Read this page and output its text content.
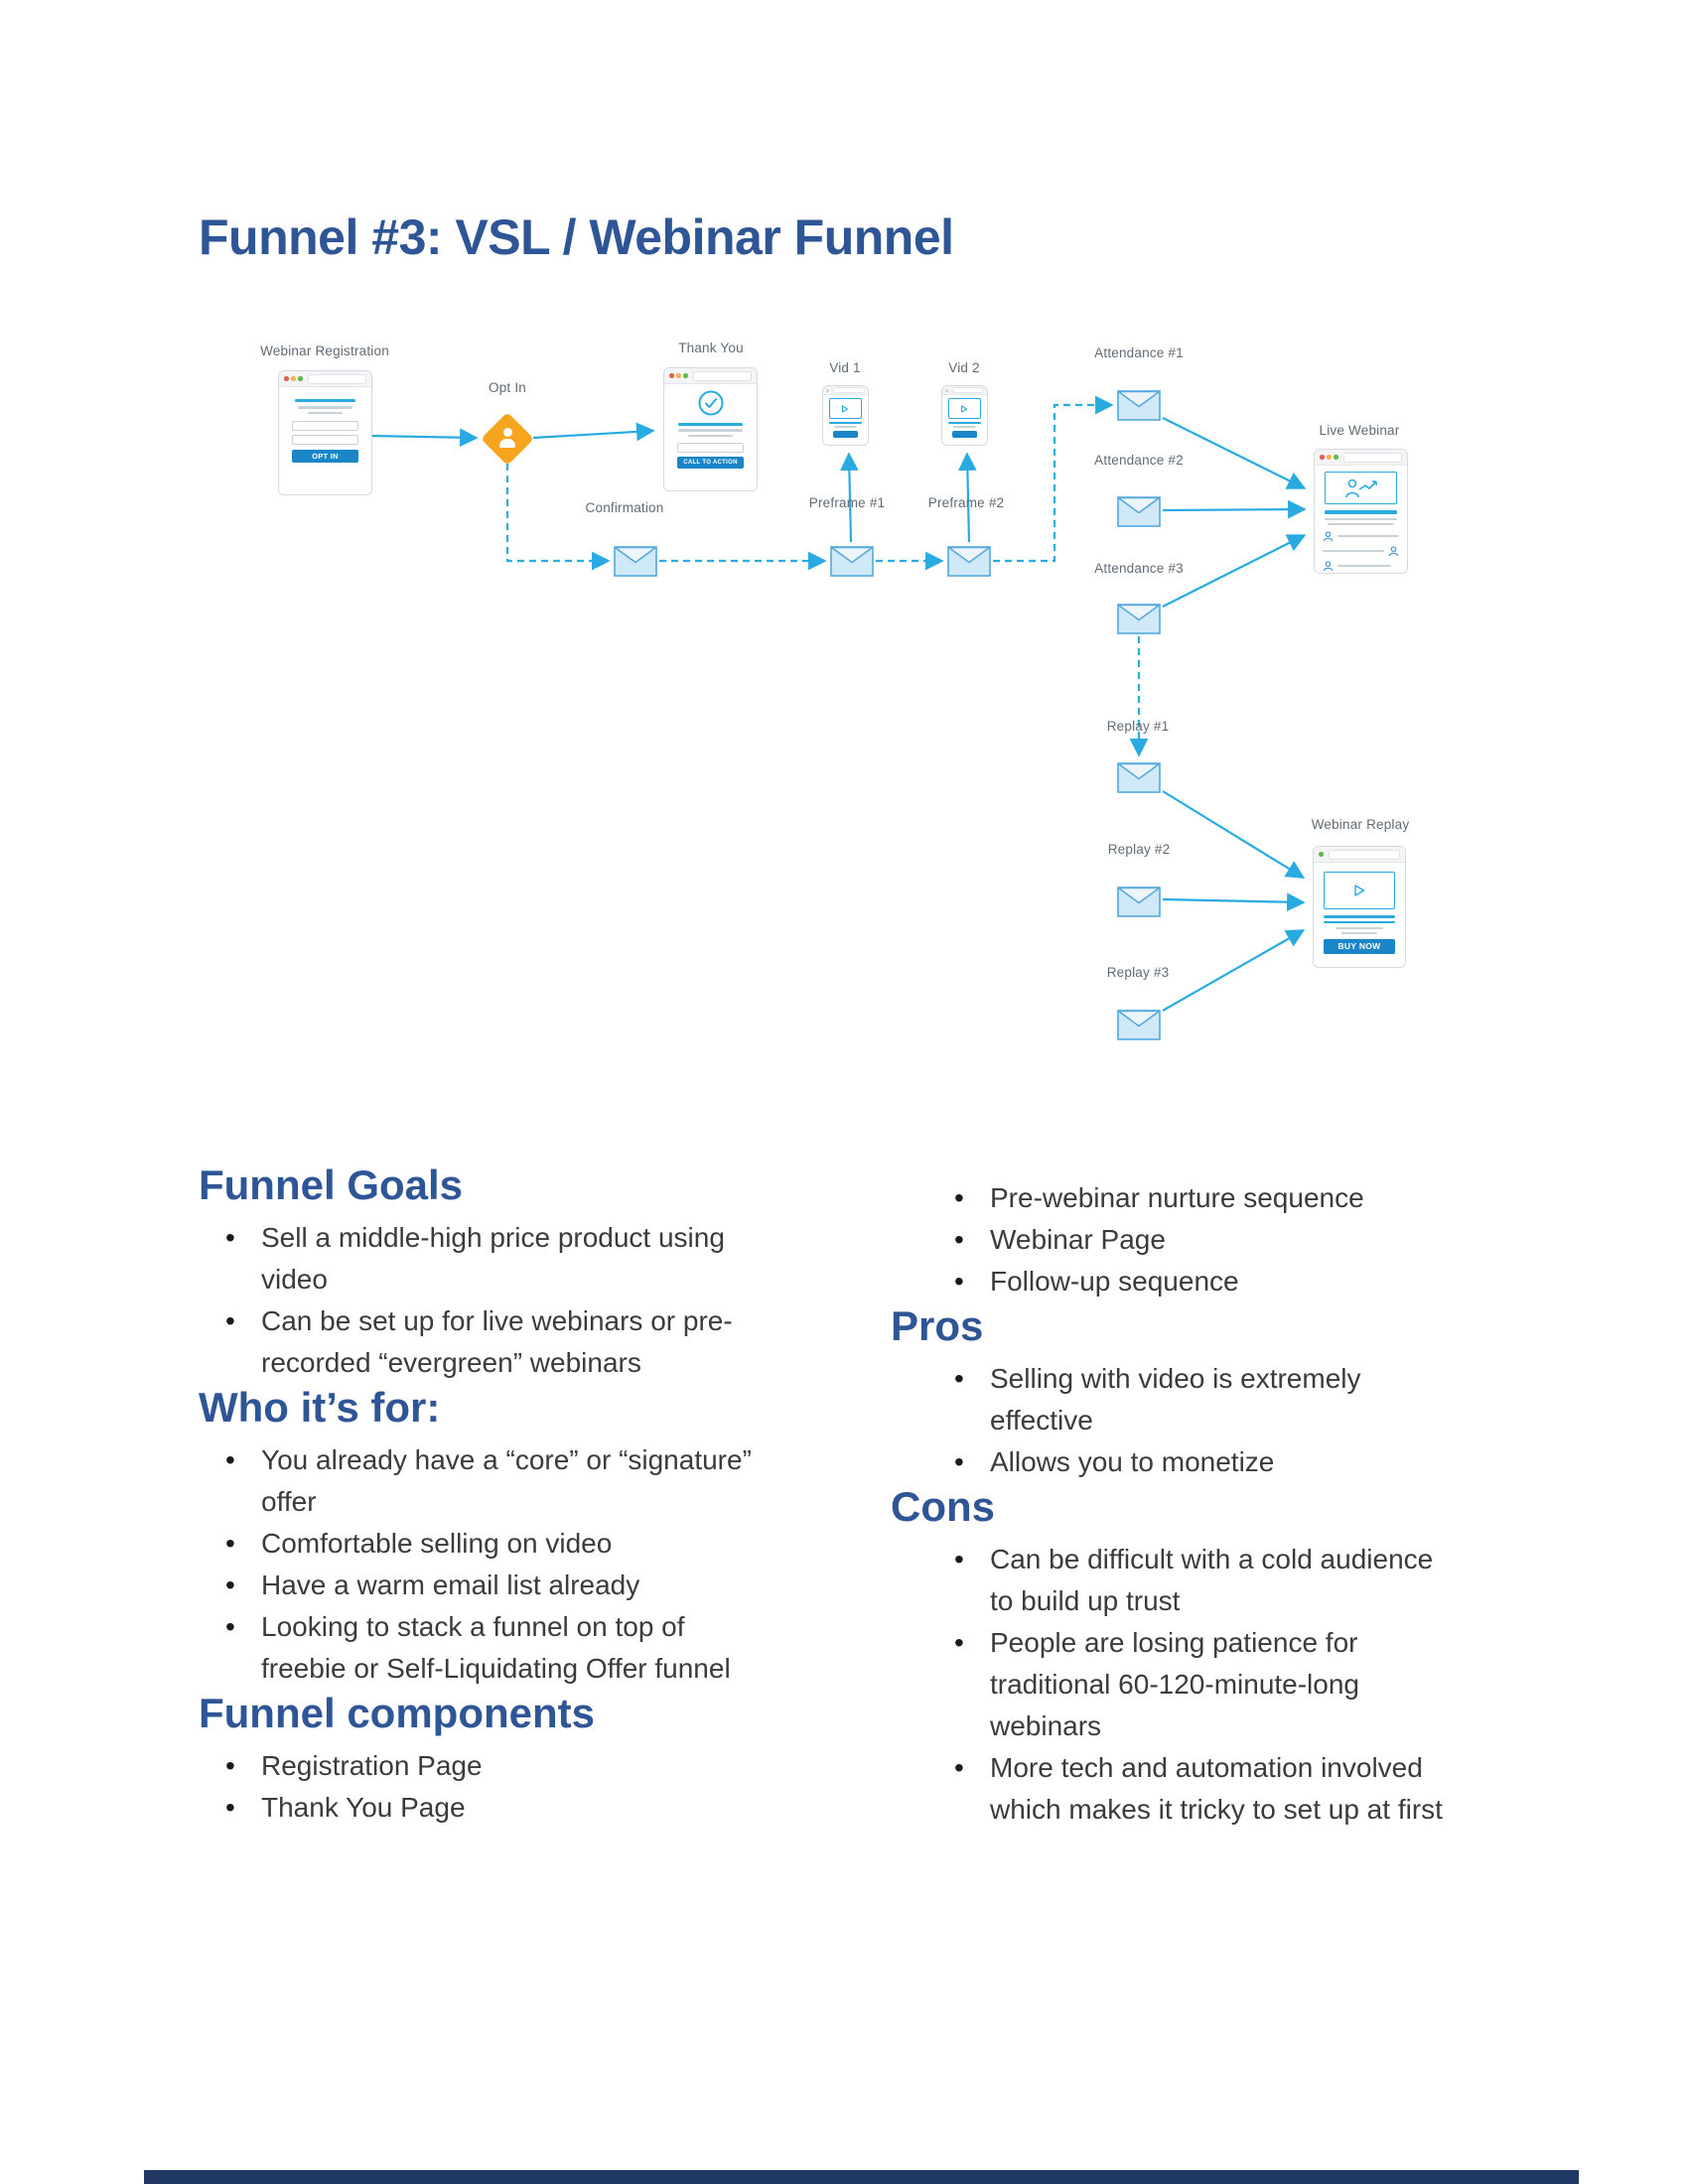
Funnel #3: VSL / Webinar Funnel
Webinar Registration
Opt In
Thank You
Vid 1	Vid 2
Confirmation	Preframe #1	Preframe #2
Attendance #1
Attendance #2
Attendance #3
Live Webinar
Replay #1
Replay #2
Replay #3
Webinar Replay
OPT IN
CALL TO ACTION
BUY NOW
Funnel Goals
• Sell a middle-high price product using video
• Can be set up for live webinars or pre-recorded “evergreen” webinars
Who it’s for:
• You already have a “core” or “signature” offer
• Comfortable selling on video
• Have a warm email list already
• Looking to stack a funnel on top of freebie or Self-Liquidating Offer funnel
Funnel components
• Registration Page
• Thank You Page
• Pre-webinar nurture sequence
• Webinar Page
• Follow-up sequence
Pros
• Selling with video is extremely effective
• Allows you to monetize
Cons
• Can be difficult with a cold audience to build up trust
• People are losing patience for traditional 60-120-minute-long webinars
• More tech and automation involved which makes it tricky to set up at first
